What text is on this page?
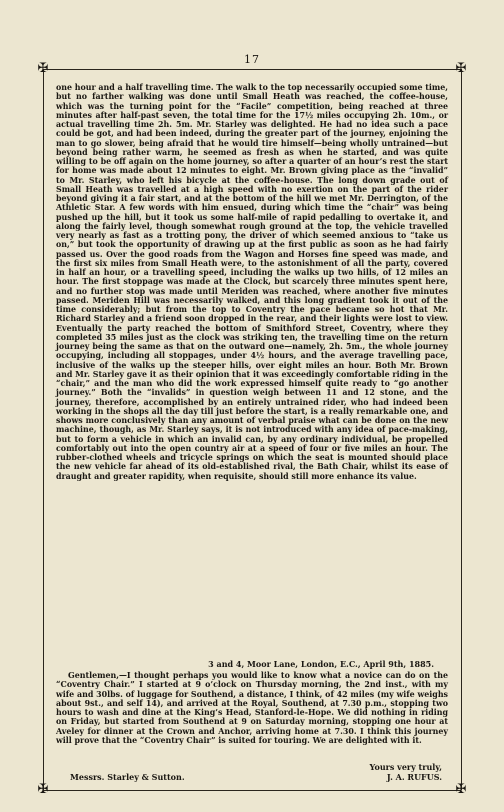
17
✠	✠
✠	✠

one hour and a half travelling time. The walk to the top necessarily occupied some time, but no farther walking was done until Small Heath was reached, the coffee-house, which was the turning point for the “Facile” competition, being reached at three minutes after half-past seven, the total time for the 17½ miles occupying 2h. 10m., or actual travelling time 2h. 5m. Mr. Starley was delighted. He had no idea such a pace could be got, and had been indeed, during the greater part of the journey, enjoining the man to go slower, being afraid that he would tire himself—being wholly untrained—but beyond being rather warm, he seemed as fresh as when he started, and was quite willing to be off again on the home journey, so after a quarter of an hour’s rest the start for home was made about 12 minutes to eight. Mr. Brown giving place as the “invalid” to Mr. Starley, who left his bicycle at the coffee-house. The long down grade out of Small Heath was travelled at a high speed with no exertion on the part of the rider beyond giving it a fair start, and at the bottom of the hill we met Mr. Derrington, of the Athletic Star. A few words with him ensued, during which time the “chair” was being pushed up the hill, but it took us some half-mile of rapid pedalling to overtake it, and along the fairly level, though somewhat rough ground at the top, the vehicle travelled very nearly as fast as a trotting pony, the driver of which seemed anxious to “take us on,” but took the opportunity of drawing up at the first public as soon as he had fairly passed us. Over the good roads from the Wagon and Horses fine speed was made, and the first six miles from Small Heath were, to the astonishment of all the party, covered in half an hour, or a travelling speed, including the walks up two hills, of 12 miles an hour. The first stoppage was made at the Clock, but scarcely three minutes spent here, and no further stop was made until Meriden was reached, where another five minutes passed. Meriden Hill was necessarily walked, and this long gradient took it out of the time considerably; but from the top to Coventry the pace became so hot that Mr. Richard Starley and a friend soon dropped in the rear, and their lights were lost to view. Eventually the party reached the bottom of Smithford Street, Coventry, where they completed 35 miles just as the clock was striking ten, the travelling time on the return journey being the same as that on the outward one—namely, 2h. 5m., the whole journey occupying, including all stoppages, under 4½ hours, and the average travelling pace, inclusive of the walks up the steeper hills, over eight miles an hour. Both Mr. Brown and Mr. Starley gave it as their opinion that it was exceedingly comfortable riding in the “chair,” and the man who did the work expressed himself quite ready to “go another journey.” Both the “invalids” in question weigh between 11 and 12 stone, and the journey, therefore, accomplished by an entirely untrained rider, who had indeed been working in the shops all the day till just before the start, is a really remarkable one, and shows more conclusively than any amount of verbal praise what can be done on the new machine, though, as Mr. Starley says, it is not introduced with any idea of pace-making, but to form a vehicle in which an invalid can, by any ordinary individual, be propelled comfortably out into the open country air at a speed of four or five miles an hour. The rubber-clothed wheels and tricycle springs on which the seat is mounted should place the new vehicle far ahead of its old-established rival, the Bath Chair, whilst its ease of draught and greater rapidity, when requisite, should still more enhance its value.

3 and 4, Moor Lane, London, E.C., April 9th, 1885.

Gentlemen,—I thought perhaps you would like to know what a novice can do on the “Coventry Chair.” I started at 9 o’clock on Thursday morning, the 2nd inst., with my wife and 30lbs. of luggage for Southend, a distance, I think, of 42 miles (my wife weighs about 9st., and self 14), and arrived at the Royal, Southend, at 7.30 p.m., stopping two hours to wash and dine at the King’s Head, Stanford-le-Hope. We did nothing in riding on Friday, but started from Southend at 9 on Saturday morning, stopping one hour at Aveley for dinner at the Crown and Anchor, arriving home at 7.30. I think this journey will prove that the “Coventry Chair” is suited for touring. We are delighted with it.

Yours very truly,
Messrs. Starley & Sutton.	J. A. RUFUS.
